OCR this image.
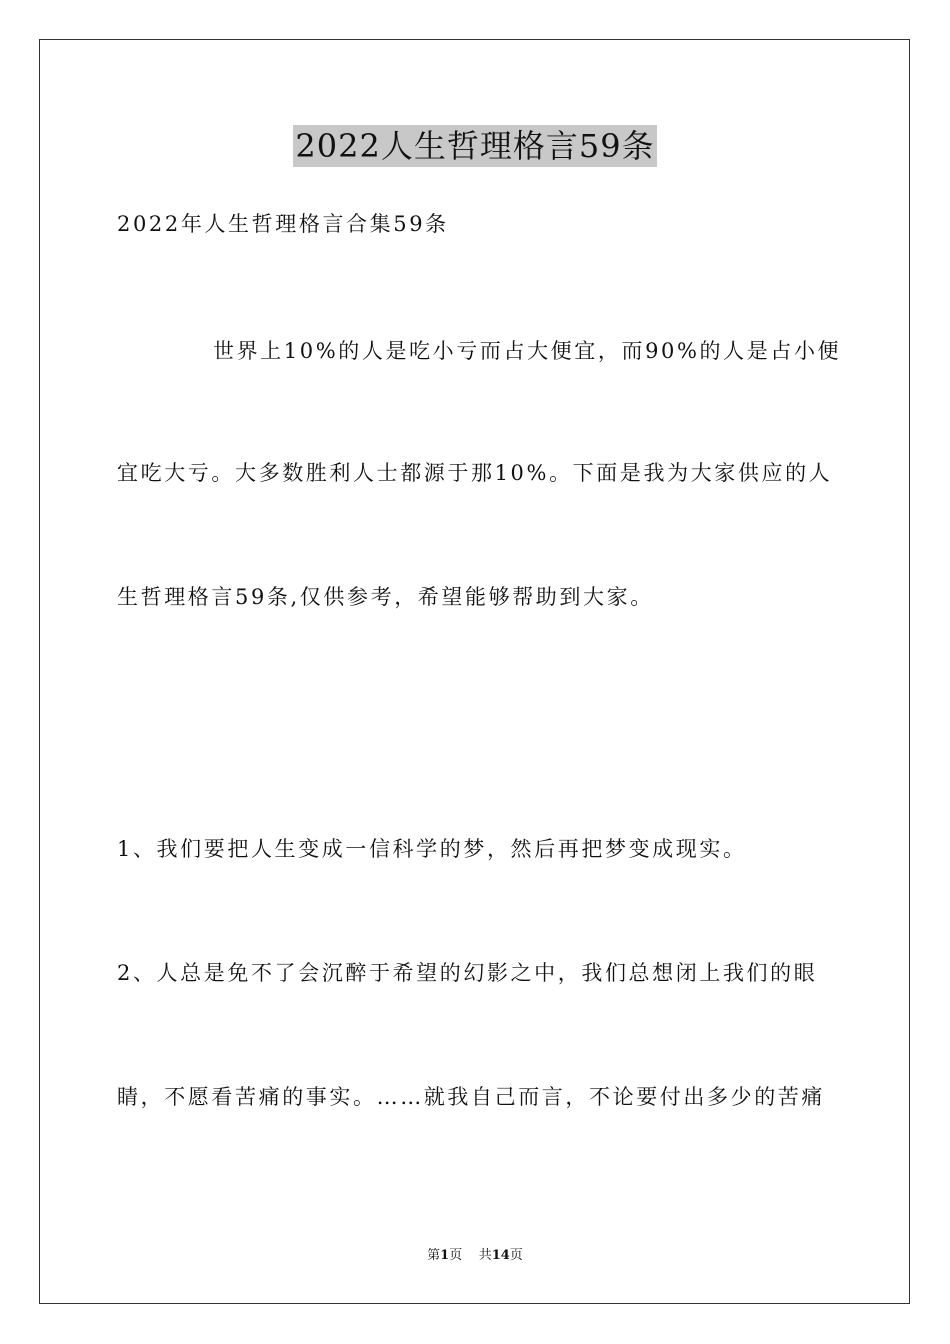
2022人生哲理格言59条
2022年人生哲理格言合集59条
世界上10%的人是吃小亏而占大便宜，而90%的人是占小便
宜吃大亏。大多数胜利人士都源于那10%。下面是我为大家供应的人
生哲理格言59条,仅供参考，希望能够帮助到大家。
1、我们要把人生变成一信科学的梦，然后再把梦变成现实。
2、人总是免不了会沉醉于希望的幻影之中，我们总想闭上我们的眼
睛，不愿看苦痛的事实。……就我自己而言，不论要付出多少的苦痛
第1页 共14页
